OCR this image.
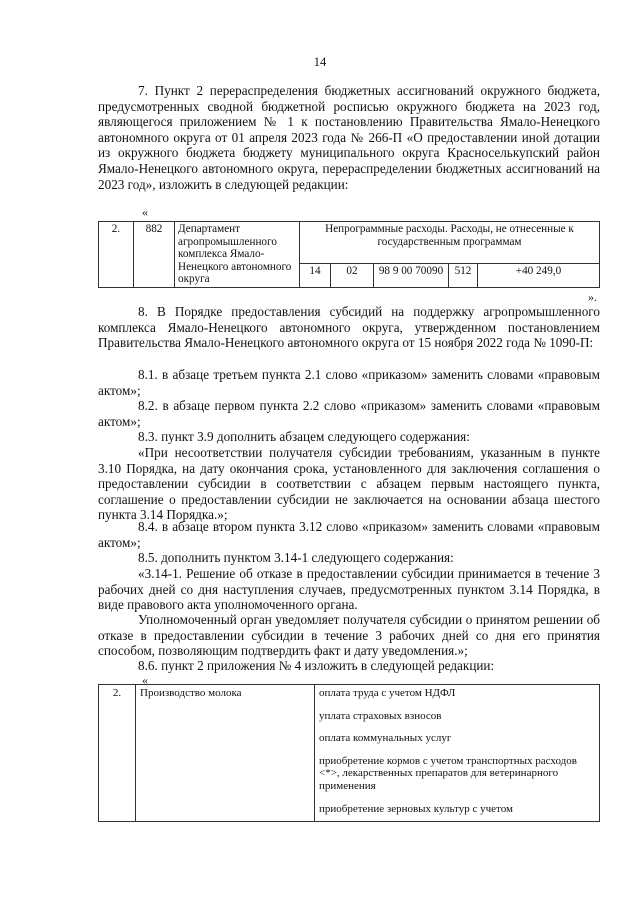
14
7. Пункт 2 перераспределения бюджетных ассигнований окружного бюджета, предусмотренных сводной бюджетной росписью окружного бюджета на 2023 год, являющегося приложением № 1 к постановлению Правительства Ямало-Ненецкого автономного округа от 01 апреля 2023 года № 266-П «О предоставлении иной дотации из окружного бюджета бюджету муниципального округа Красноселькупский район Ямало-Ненецкого автономного округа, перераспределении бюджетных ассигнований на 2023 год», изложить в следующей редакции:
«
2.	882	Департамент агропромышленного комплекса Ямало-Ненецкого автономного округа	Непрограммные расходы. Расходы, не отнесенные к государственным программам				
			14	02	98 9 00 70090	512	+40 249,0
».
8. В Порядке предоставления субсидий на поддержку агропромышленного комплекса Ямало-Ненецкого автономного округа, утвержденном постановлением Правительства Ямало-Ненецкого автономного округа от 15 ноября 2022 года № 1090-П:
8.1. в абзаце третьем пункта 2.1 слово «приказом» заменить словами «правовым актом»;
8.2. в абзаце первом пункта 2.2 слово «приказом» заменить словами «правовым актом»;
8.3. пункт 3.9 дополнить абзацем следующего содержания:
«При несоответствии получателя субсидии требованиям, указанным в пункте 3.10 Порядка, на дату окончания срока, установленного для заключения соглашения о предоставлении субсидии в соответствии с абзацем первым настоящего пункта, соглашение о предоставлении субсидии не заключается на основании абзаца шестого пункта 3.14 Порядка.»;
8.4. в абзаце втором пункта 3.12 слово «приказом» заменить словами «правовым актом»;
8.5. дополнить пунктом 3.14-1 следующего содержания:
«3.14-1. Решение об отказе в предоставлении субсидии принимается в течение 3 рабочих дней со дня наступления случаев, предусмотренных пунктом 3.14 Порядка, в виде правового акта уполномоченного органа.
Уполномоченный орган уведомляет получателя субсидии о принятом решении об отказе в предоставлении субсидии в течение 3 рабочих дней со дня его принятия способом, позволяющим подтвердить факт и дату уведомления.»;
8.6. пункт 2 приложения № 4 изложить в следующей редакции:
«
2.	Производство молока	оплата труда с учетом НДФЛ
уплата страховых взносов
оплата коммунальных услуг
приобретение кормов с учетом транспортных расходов <*>, лекарственных препаратов для ветеринарного применения
приобретение зерновых культур с учетом
